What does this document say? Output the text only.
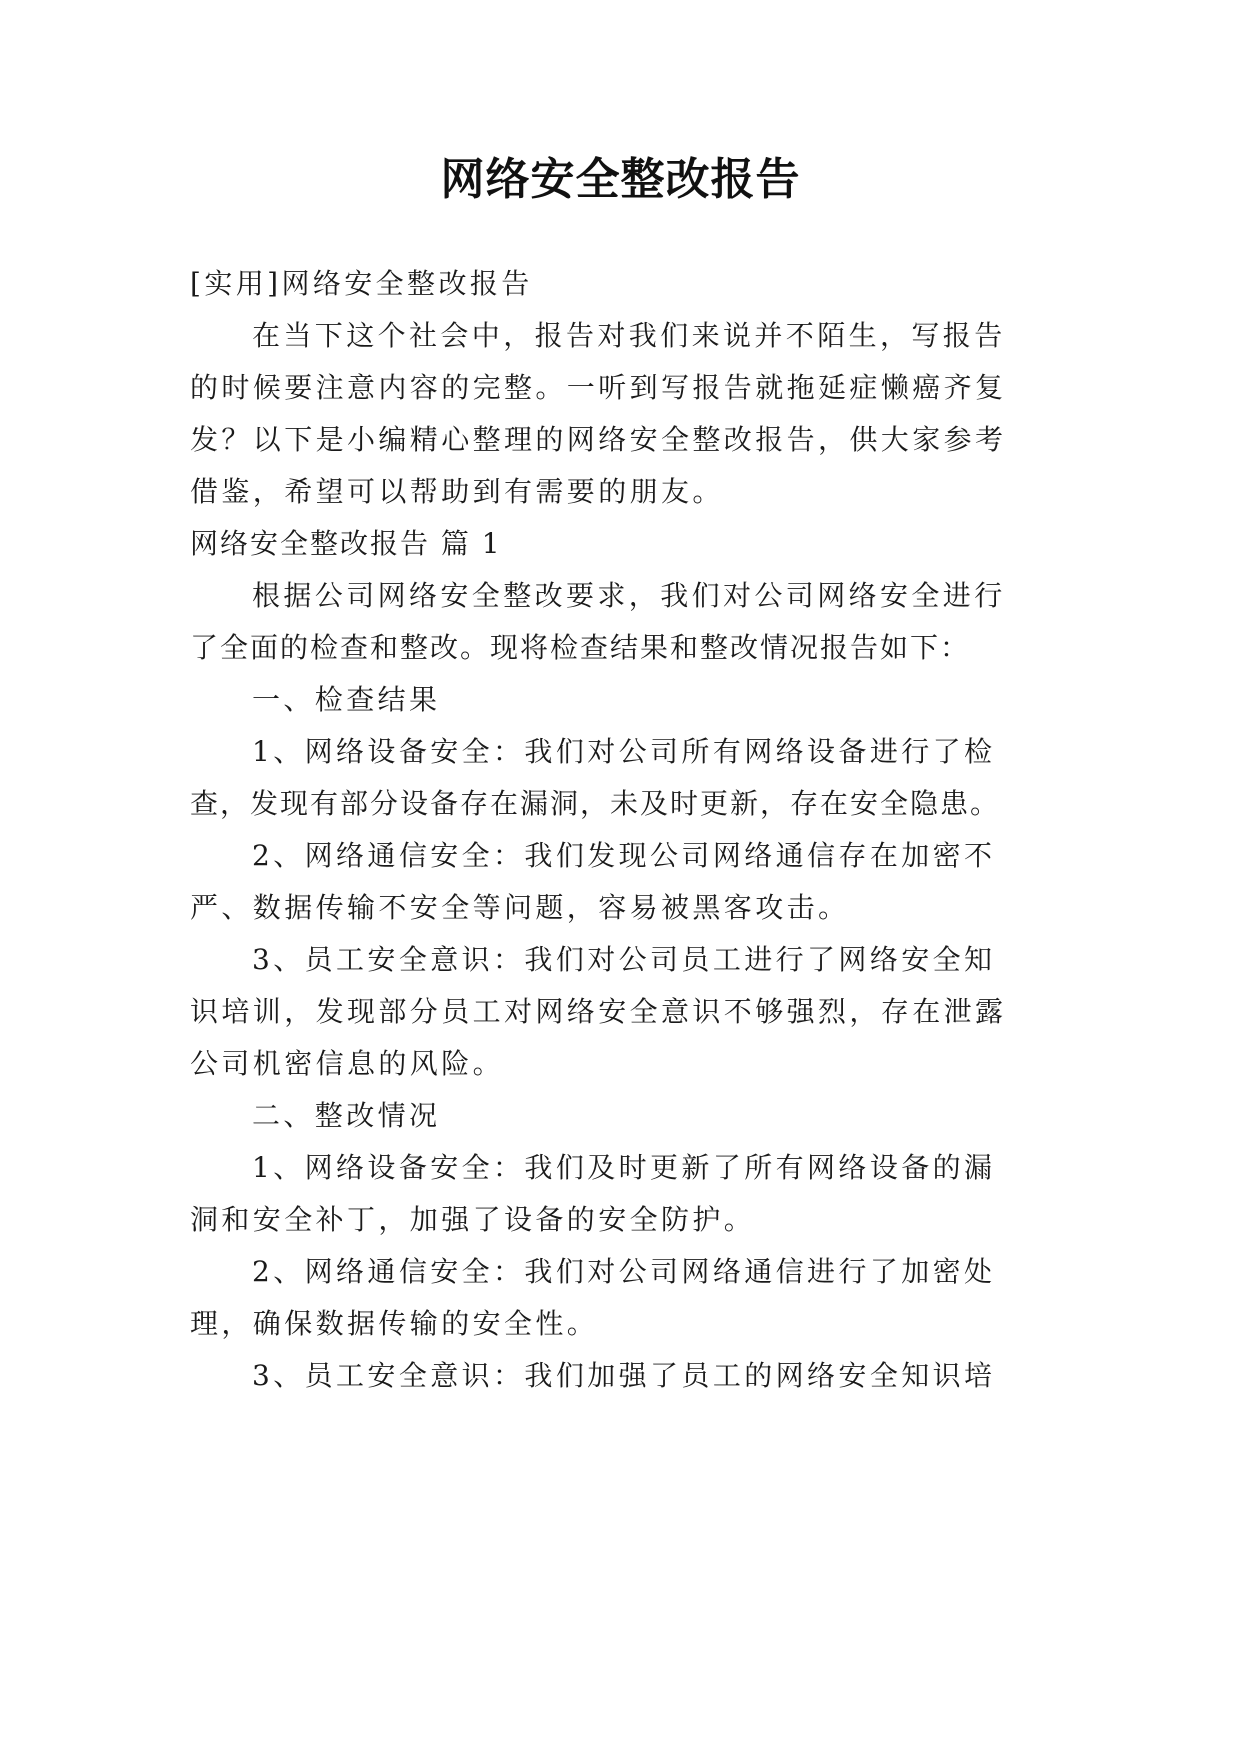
网络安全整改报告
[实用]网络安全整改报告
在当下这个社会中，报告对我们来说并不陌生，写报告
的时候要注意内容的完整。一听到写报告就拖延症懒癌齐复
发？以下是小编精心整理的网络安全整改报告，供大家参考
借鉴，希望可以帮助到有需要的朋友。
网络安全整改报告 篇 1
根据公司网络安全整改要求，我们对公司网络安全进行
了全面的检查和整改。现将检查结果和整改情况报告如下：
一、检查结果
1、网络设备安全：我们对公司所有网络设备进行了检
查，发现有部分设备存在漏洞，未及时更新，存在安全隐患。
2、网络通信安全：我们发现公司网络通信存在加密不
严、数据传输不安全等问题，容易被黑客攻击。
3、员工安全意识：我们对公司员工进行了网络安全知
识培训，发现部分员工对网络安全意识不够强烈，存在泄露
公司机密信息的风险。
二、整改情况
1、网络设备安全：我们及时更新了所有网络设备的漏
洞和安全补丁，加强了设备的安全防护。
2、网络通信安全：我们对公司网络通信进行了加密处
理，确保数据传输的安全性。
3、员工安全意识：我们加强了员工的网络安全知识培
